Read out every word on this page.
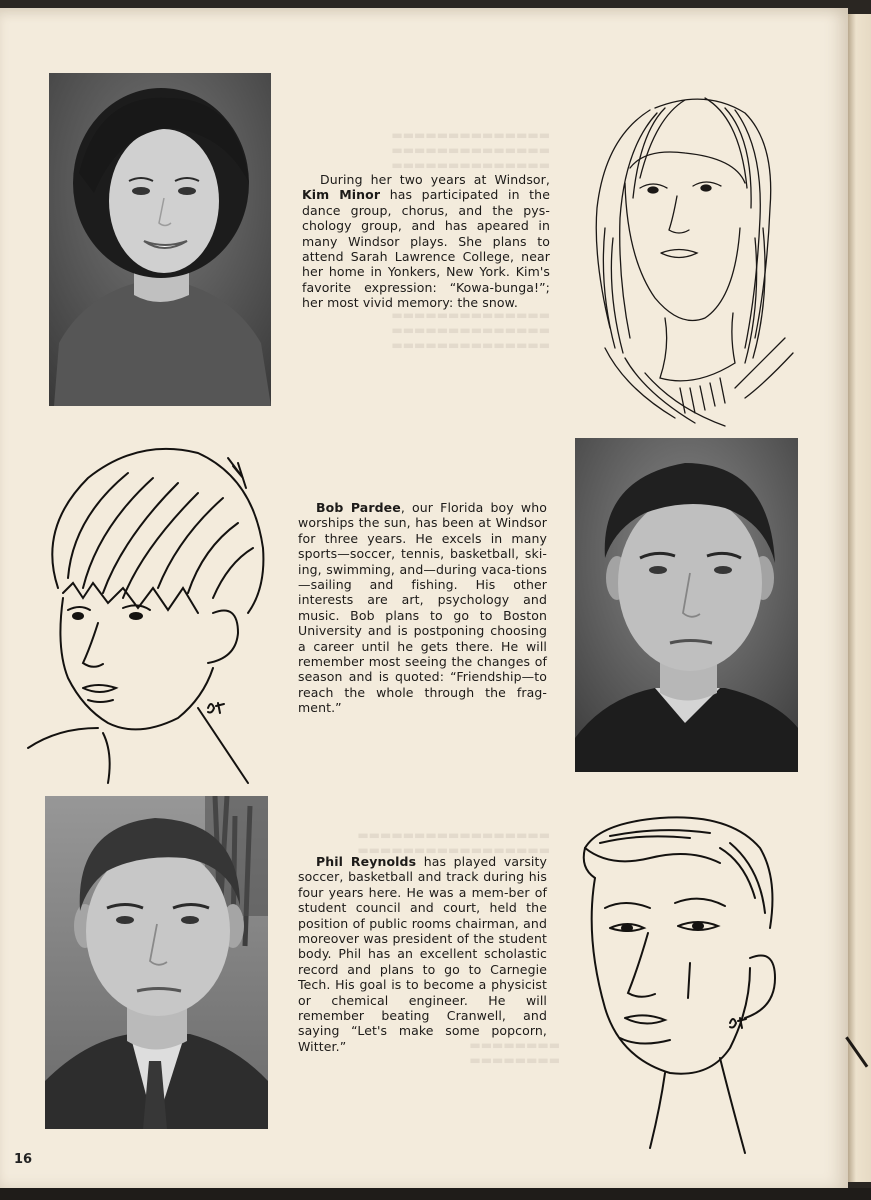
▬▬▬▬▬▬▬▬▬▬▬▬▬▬
▬▬▬▬▬▬▬▬▬▬▬▬▬▬
▬▬▬▬▬▬▬▬▬▬▬▬▬▬

▬▬▬▬▬▬▬▬▬▬▬▬▬▬
▬▬▬▬▬▬▬▬▬▬▬▬▬▬
▬▬▬▬▬▬▬▬▬▬▬▬▬▬
▬▬▬▬▬▬▬▬▬▬▬▬▬▬▬▬▬
▬▬▬▬▬▬▬▬▬▬▬▬▬▬▬▬▬
▬▬▬▬▬▬▬▬
▬▬▬▬▬▬▬▬
During her two years at Windsor, Kim Minor has participated in the dance group, chorus, and the pys-chology group, and has apeared in many Windsor plays. She plans to attend Sarah Lawrence College, near her home in Yonkers, New York. Kim's favorite expression: “Kowa-bunga!”; her most vivid memory: the snow.
Bob Pardee, our Florida boy who worships the sun, has been at Windsor for three years. He excels in many sports—soccer, tennis, basketball, ski-ing, swimming, and—during vaca-tions—sailing and fishing. His other interests are art, psychology and music. Bob plans to go to Boston University and is postponing choosing a career until he gets there. He will remember most seeing the changes of season and is quoted: “Friendship—to reach the whole through the frag-ment.”
Phil Reynolds has played varsity soccer, basketball and track during his four years here. He was a mem-ber of student council and court, held the position of public rooms chairman, and moreover was president of the student body. Phil has an excellent scholastic record and plans to go to Carnegie Tech. His goal is to become a physicist or chemical engineer. He will remember beating Cranwell, and saying “Let's make some popcorn, Witter.”
16
